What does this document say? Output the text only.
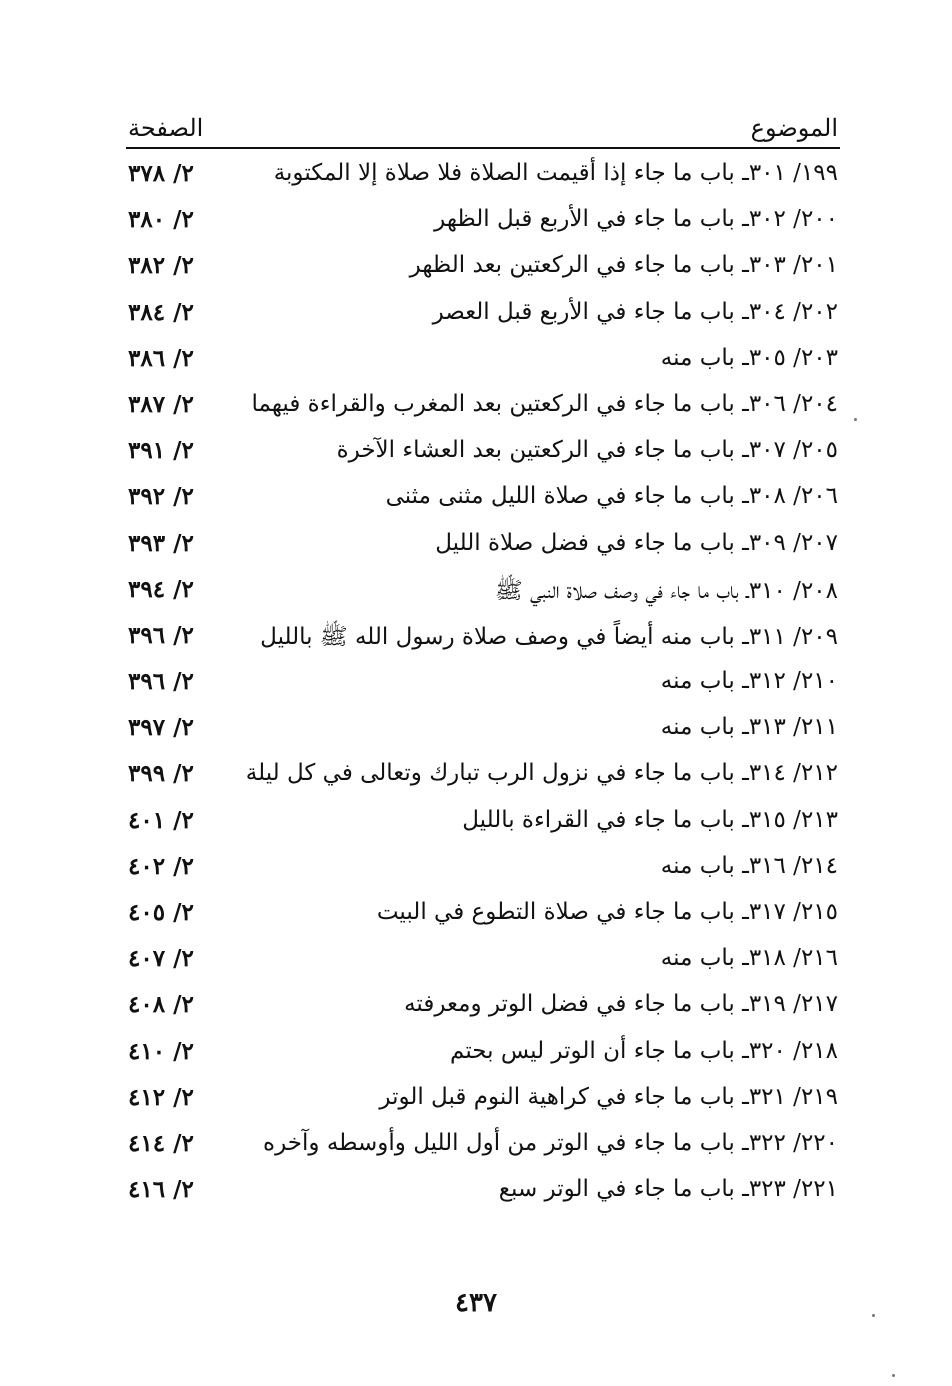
الموضوع
الصفحة
١٩٩/ ٣٠١ـ باب ما جاء إذا أقيمت الصلاة فلا صلاة إلا المكتوبة
٢/ ٣٧٨
٢٠٠/ ٣٠٢ـ باب ما جاء في الأربع قبل الظهر
٢/ ٣٨٠
٢٠١/ ٣٠٣ـ باب ما جاء في الركعتين بعد الظهر
٢/ ٣٨٢
٢٠٢/ ٣٠٤ـ باب ما جاء في الأربع قبل العصر
٢/ ٣٨٤
٢٠٣/ ٣٠٥ـ باب منه
٢/ ٣٨٦
٢٠٤/ ٣٠٦ـ باب ما جاء في الركعتين بعد المغرب والقراءة فيهما
٢/ ٣٨٧
٢٠٥/ ٣٠٧ـ باب ما جاء في الركعتين بعد العشاء الآخرة
٢/ ٣٩١
٢٠٦/ ٣٠٨ـ باب ما جاء في صلاة الليل مثنى مثنى
٢/ ٣٩٢
٢٠٧/ ٣٠٩ـ باب ما جاء في فضل صلاة الليل
٢/ ٣٩٣
٢٠٨/ ٣١٠ـ باب ما جاء في وصف صلاة النبي ﷺ
٢/ ٣٩٤
٢٠٩/ ٣١١ـ باب منه أيضاً في وصف صلاة رسول الله ﷺ بالليل
٢/ ٣٩٦
٢١٠/ ٣١٢ـ باب منه
٢/ ٣٩٦
٢١١/ ٣١٣ـ باب منه
٢/ ٣٩٧
٢١٢/ ٣١٤ـ باب ما جاء في نزول الرب تبارك وتعالى في كل ليلة
٢/ ٣٩٩
٢١٣/ ٣١٥ـ باب ما جاء في القراءة بالليل
٢/ ٤٠١
٢١٤/ ٣١٦ـ باب منه
٢/ ٤٠٢
٢١٥/ ٣١٧ـ باب ما جاء في صلاة التطوع في البيت
٢/ ٤٠٥
٢١٦/ ٣١٨ـ باب منه
٢/ ٤٠٧
٢١٧/ ٣١٩ـ باب ما جاء في فضل الوتر ومعرفته
٢/ ٤٠٨
٢١٨/ ٣٢٠ـ باب ما جاء أن الوتر ليس بحتم
٢/ ٤١٠
٢١٩/ ٣٢١ـ باب ما جاء في كراهية النوم قبل الوتر
٢/ ٤١٢
٢٢٠/ ٣٢٢ـ باب ما جاء في الوتر من أول الليل وأوسطه وآخره
٢/ ٤١٤
٢٢١/ ٣٢٣ـ باب ما جاء في الوتر سبع
٢/ ٤١٦
٤٣٧
